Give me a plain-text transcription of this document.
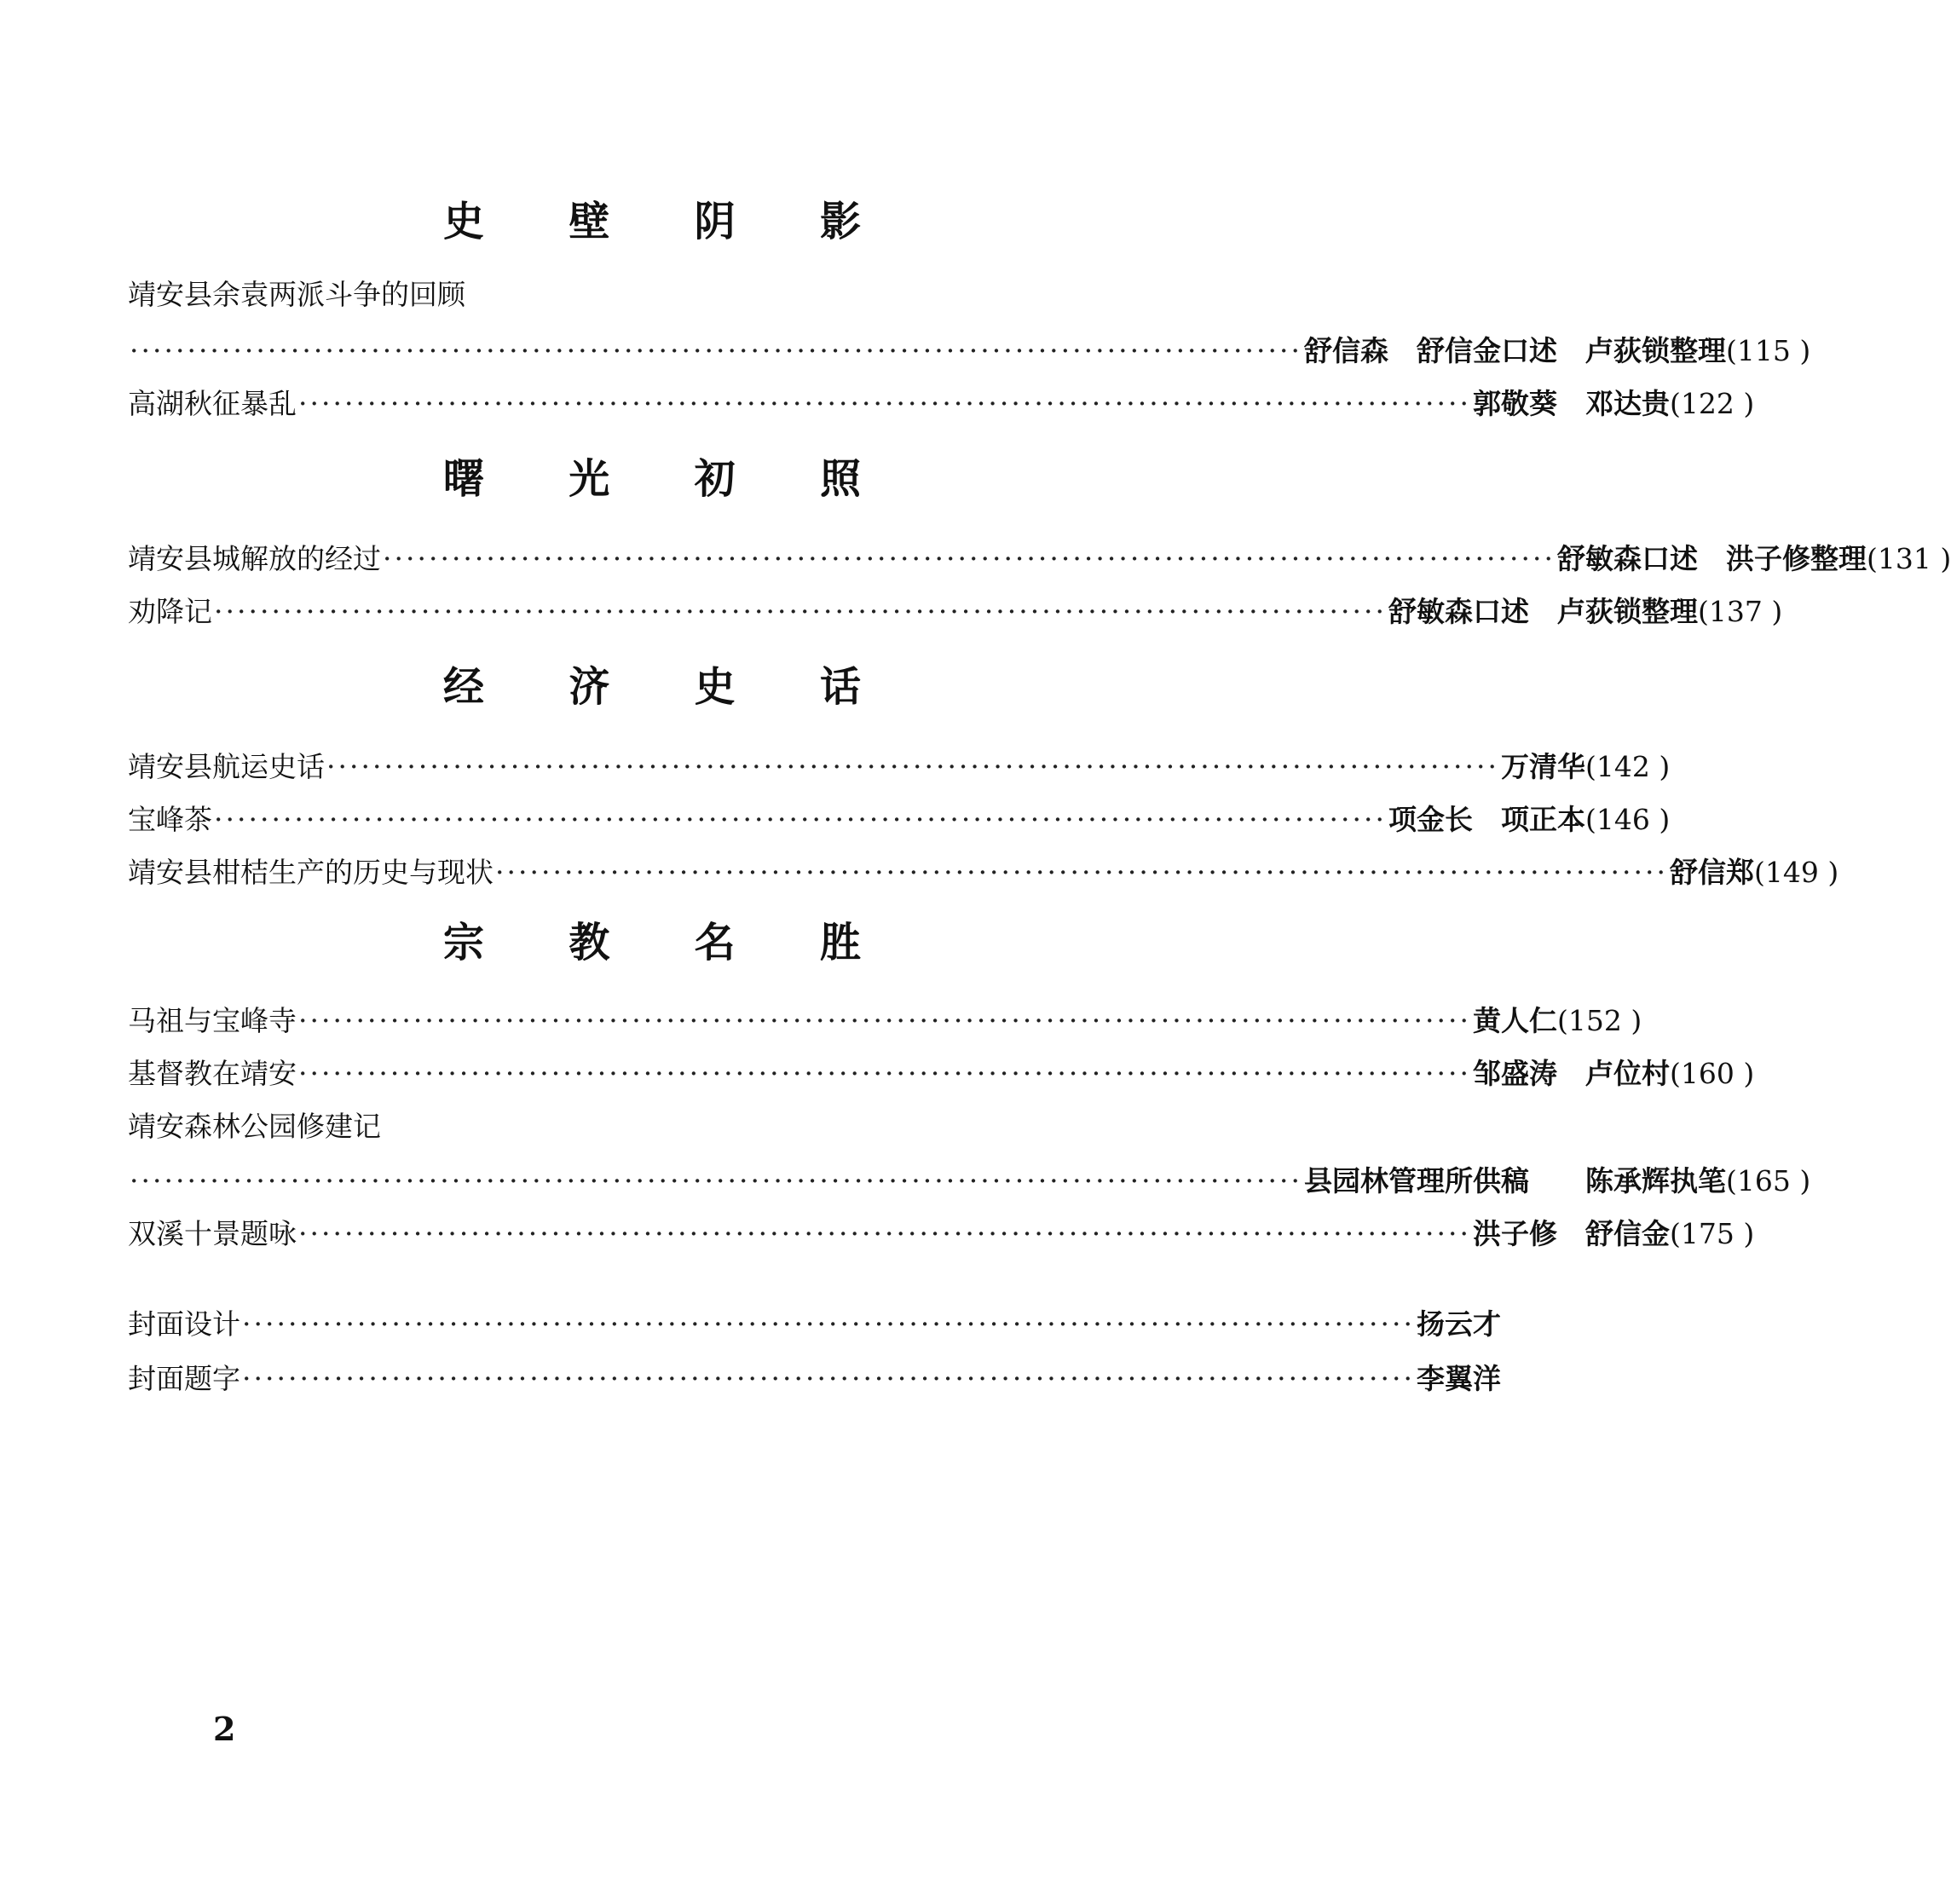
史 壁 阴 影
靖安县余袁两派斗争的回顾
······································································································ 舒信森　舒信金口述　卢荻锁整理 (115 )
高湖秋征暴乱 ······································································································ 郭敬葵　邓达贵 (122 )
曙 光 初 照
靖安县城解放的经过 ······································································································ 舒敏森口述　洪子修整理 (131 )
劝降记 ······································································································ 舒敏森口述　卢荻锁整理 (137 )
经 济 史 话
靖安县航运史话 ······································································································ 万清华 (142 )
宝峰茶 ······································································································ 项金长　项正本 (146 )
靖安县柑桔生产的历史与现状 ······································································································ 舒信郑 (149 )
宗 教 名 胜
马祖与宝峰寺 ······································································································ 黄人仁 (152 )
基督教在靖安 ······································································································ 邹盛涛　卢位村 (160 )
靖安森林公园修建记
······································································································ 县园林管理所供稿　　陈承辉执笔 (165 )
双溪十景题咏 ······································································································ 洪子修　舒信金 (175 )
封面设计 ······································································································ 扬云才
封面题字 ······································································································ 李翼洋
2
